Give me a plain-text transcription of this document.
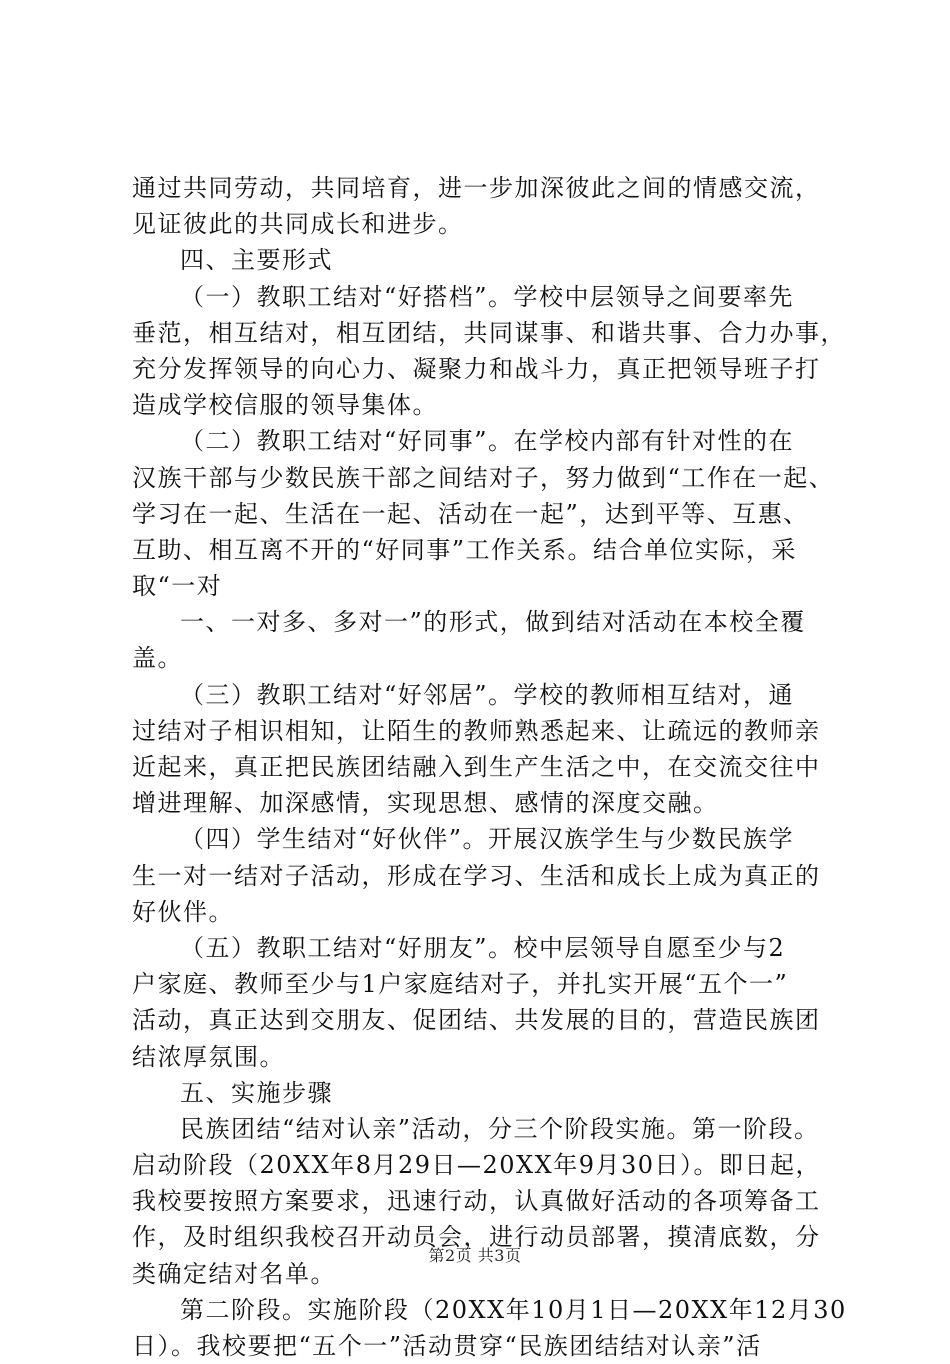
通过共同劳动，共同培育，进一步加深彼此之间的情感交流，
见证彼此的共同成长和进步。
四、主要形式
（一）教职工结对“好搭档”。学校中层领导之间要率先
垂范，相互结对，相互团结，共同谋事、和谐共事、合力办事，
充分发挥领导的向心力、凝聚力和战斗力，真正把领导班子打
造成学校信服的领导集体。
（二）教职工结对“好同事”。在学校内部有针对性的在
汉族干部与少数民族干部之间结对子，努力做到“工作在一起、
学习在一起、生活在一起、活动在一起”，达到平等、互惠、
互助、相互离不开的“好同事”工作关系。结合单位实际，采
取“一对
一、一对多、多对一”的形式，做到结对活动在本校全覆
盖。
（三）教职工结对“好邻居”。学校的教师相互结对，通
过结对子相识相知，让陌生的教师熟悉起来、让疏远的教师亲
近起来，真正把民族团结融入到生产生活之中，在交流交往中
增进理解、加深感情，实现思想、感情的深度交融。
（四）学生结对“好伙伴”。开展汉族学生与少数民族学
生一对一结对子活动，形成在学习、生活和成长上成为真正的
好伙伴。
（五）教职工结对“好朋友”。校中层领导自愿至少与2
户家庭、教师至少与1户家庭结对子，并扎实开展“五个一”
活动，真正达到交朋友、促团结、共发展的目的，营造民族团
结浓厚氛围。
五、实施步骤
民族团结“结对认亲”活动，分三个阶段实施。第一阶段。
启动阶段（20XX年8月29日—20XX年9月30日）。即日起，
我校要按照方案要求，迅速行动，认真做好活动的各项筹备工
作，及时组织我校召开动员会，进行动员部署，摸清底数，分
类确定结对名单。
第二阶段。实施阶段（20XX年10月1日—20XX年12月30
日）。我校要把“五个一”活动贯穿“民族团结结对认亲”活
第2页 共3页
